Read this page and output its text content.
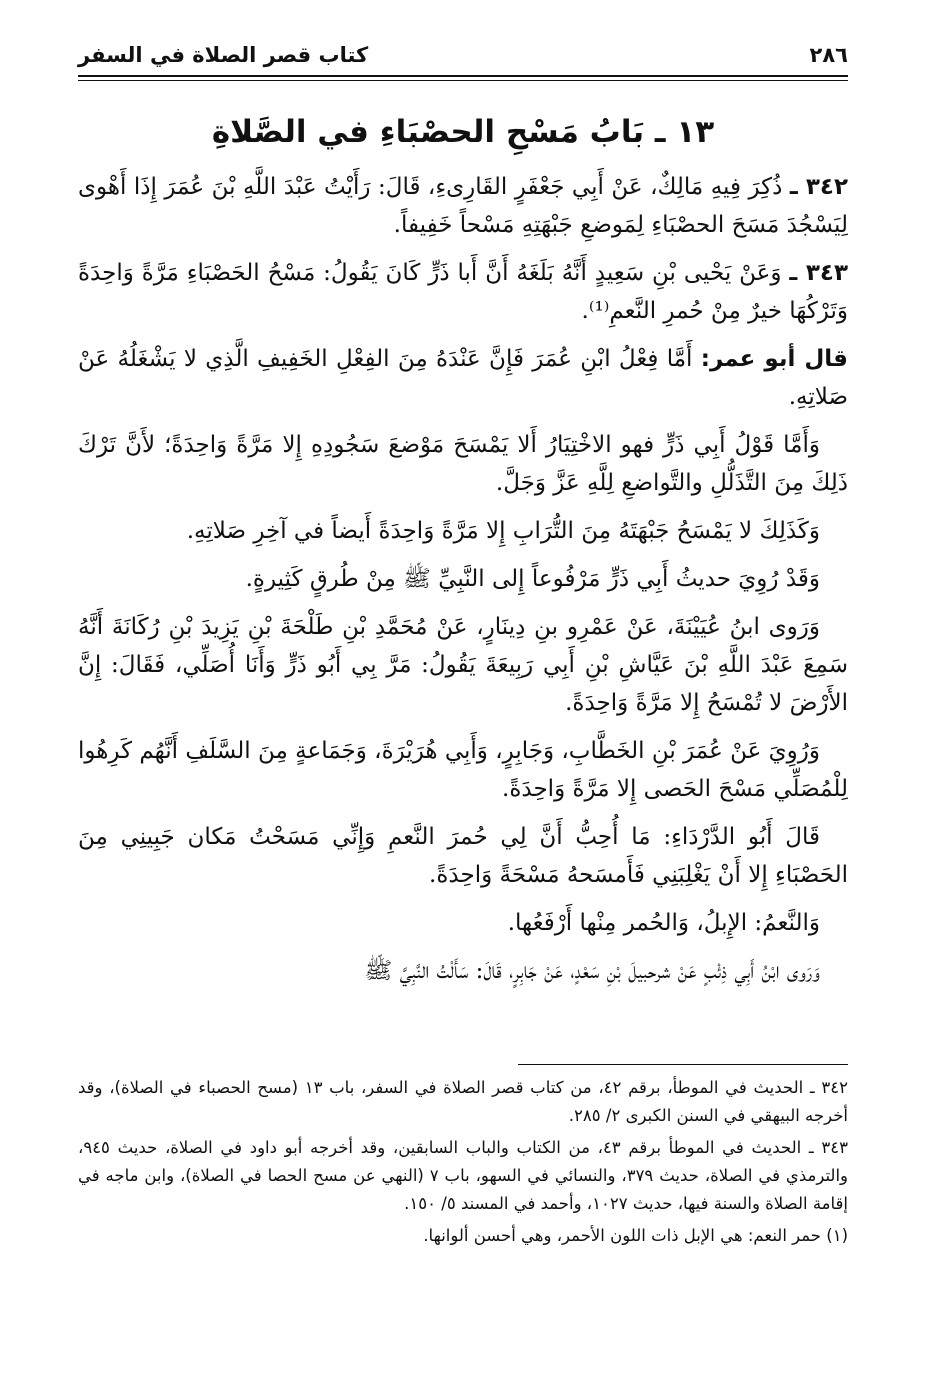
٢٨٦
كتاب قصر الصلاة في السفر
١٣ ـ بَابُ مَسْحِ الحصْبَاءِ في الصَّلاةِ

٣٤٢ ـ ذُكِرَ فِيهِ مَالِكٌ، عَنْ أَبِي جَعْفَرٍ القَارِىءِ، قَالَ: رَأَيْتُ عَبْدَ اللَّهِ بْنَ عُمَرَ إِذَا أَهْوى لِيَسْجُدَ مَسَحَ الحصْبَاءِ لِمَوضعِ جَبْهَتِهِ مَسْحاً خَفِيفاً.

٣٤٣ ـ وَعَنْ يَحْيى بْنِ سَعِيدٍ أَنَّهُ بَلَغَهُ أَنَّ أَبا ذَرٍّ كَانَ يَقُولُ: مَسْحُ الحَصْبَاءِ مَرَّةً وَاحِدَةً وَتَرْكُهَا خيرٌ مِنْ حُمرِ النَّعمِ⁽¹⁾.

قال أبو عمر: أَمَّا فِعْلُ ابْنِ عُمَرَ فَإِنَّ عَنْدَهُ مِنَ الفِعْلِ الخَفِيفِ الَّذِي لا يَشْغَلُهُ عَنْ صَلاتِهِ.

وَأَمَّا قَوْلُ أَبِي ذَرٍّ فهو الاخْتِيَارُ أَلا يَمْسَحَ مَوْضعَ سَجُودِهِ إِلا مَرَّةً وَاحِدَةً؛ لأَنَّ تَرْكَ ذَلِكَ مِنَ التَّذَلُّلِ والتَّواضعِ لِلَّهِ عَزَّ وَجَلَّ.

وَكَذَلِكَ لا يَمْسَحُ جَبْهَتَهُ مِنَ التُّرَابِ إِلا مَرَّةً وَاحِدَةً أَيضاً في آخِرِ صَلاتِهِ.

وَقَدْ رُوِيَ حديثُ أَبِي ذَرٍّ مَرْفُوعاً إِلى النَّبِيِّ ﷺ مِنْ طُرقٍ كَثِيرةٍ.

وَرَوى ابنُ عُيَيْنَةَ، عَنْ عَمْرِو بنِ دِينَارٍ، عَنْ مُحَمَّدِ بْنِ طَلْحَةَ بْنِ يَزِيدَ بْنِ رُكَانَةَ أَنَّهُ سَمِعَ عَبْدَ اللَّهِ بْنَ عَيَّاشِ بْنِ أَبِي رَبِيعَةَ يَقُولُ: مَرَّ بِي أَبُو ذَرٍّ وَأَنَا أُصَلِّي، فَقَالَ: إِنَّ الأَرْضَ لا تُمْسَحُ إِلا مَرَّةً وَاحِدَةً.

وَرُوِيَ عَنْ عُمَرَ بْنِ الخَطَّابِ، وَجَابِرٍ، وَأَبِي هُرَيْرَةَ، وَجَمَاعةٍ مِنَ السَّلَفِ أَنَّهُم كَرِهُوا لِلْمُصَلِّي مَسْحَ الحَصى إِلا مَرَّةً وَاحِدَةً.

قَالَ أَبُو الدَّرْدَاءِ: مَا أُحِبُّ أَنَّ لِي حُمرَ النَّعمِ وَإِنِّي مَسَحْتُ مَكان جَبِينِي مِنَ الحَصْبَاءِ إِلا أَنْ يَغْلِبَنِي فَأَمسَحهُ مَسْحَةً وَاحِدَةً.

وَالنَّعمُ: الإِبلُ، وَالحُمر مِنْها أَرْفَعُها.

وَرَوى ابْنُ أَبِي ذِئْبٍ عَنْ شرحبيلَ بْنِ سَعْدٍ، عَنْ جَابِرٍ، قَالَ: سَأَلْتُ النَّبِيَّ ﷺ

٣٤٢ ـ الحديث في الموطأ، برقم ٤٢، من كتاب قصر الصلاة في السفر، باب ١٣ (مسح الحصباء في الصلاة)، وقد أخرجه البيهقي في السنن الكبرى ٢/ ٢٨٥.

٣٤٣ ـ الحديث في الموطأ برقم ٤٣، من الكتاب والباب السابقين، وقد أخرجه أبو داود في الصلاة، حديث ٩٤٥، والترمذي في الصلاة، حديث ٣٧٩، والنسائي في السهو، باب ٧ (النهي عن مسح الحصا في الصلاة)، وابن ماجه في إقامة الصلاة والسنة فيها، حديث ١٠٢٧، وأحمد في المسند ٥/ ١٥٠.

(١) حمر النعم: هي الإبل ذات اللون الأحمر، وهي أحسن ألوانها.
